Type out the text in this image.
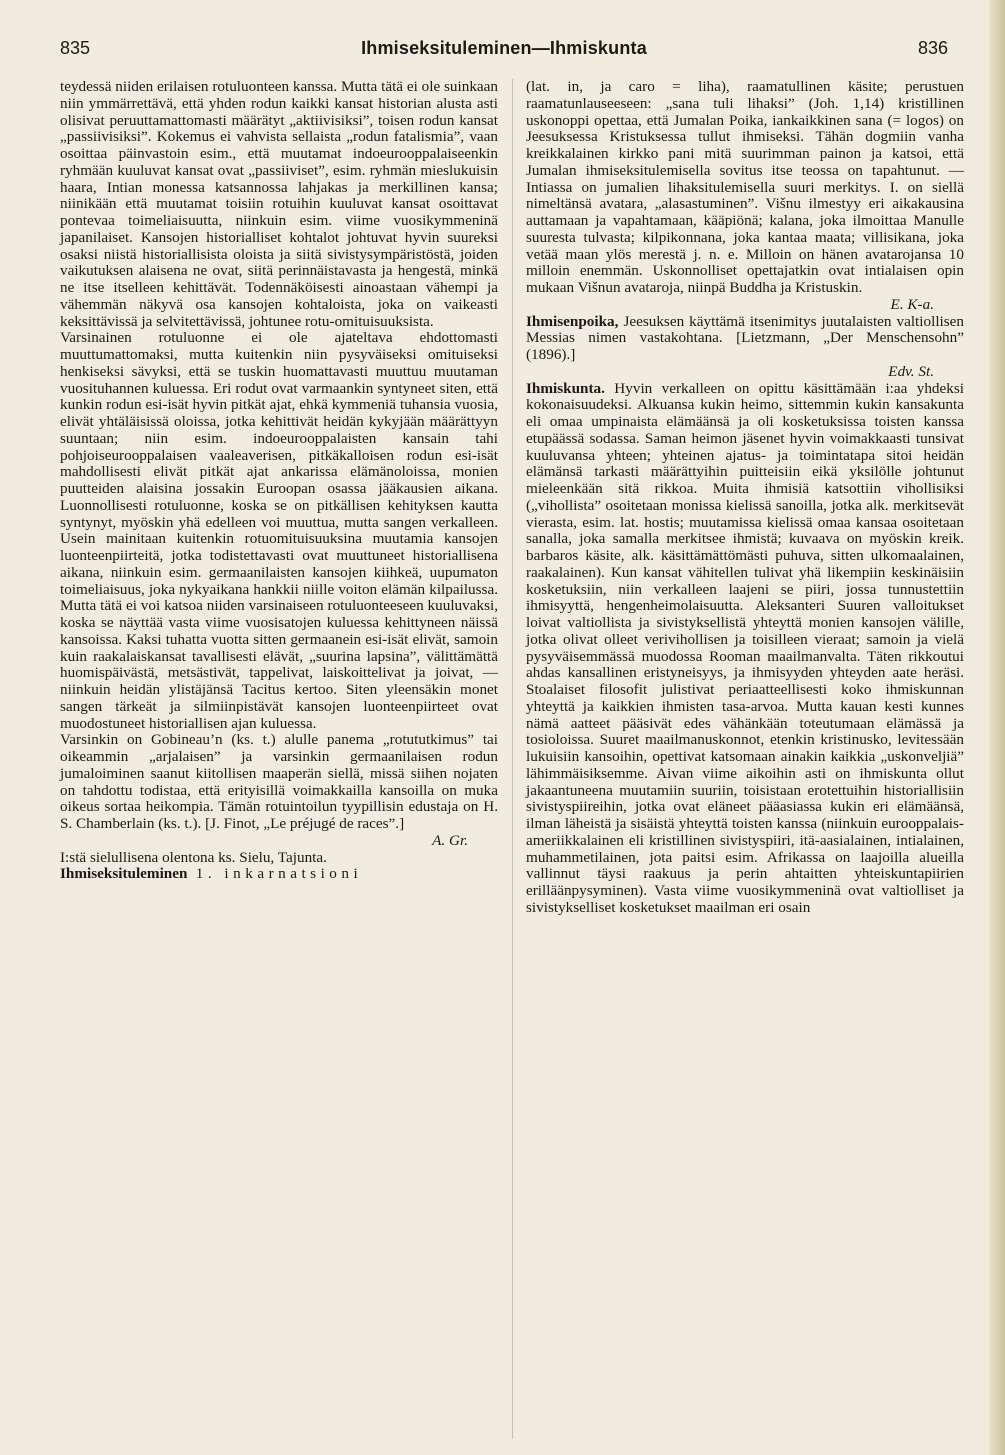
835	Ihmiseksituleminen—Ihmiskunta	836

teydessä niiden erilaisen rotuluonteen kanssa. Mutta tätä ei ole suinkaan niin ymmärrettävä, että yhden rodun kaikki kansat historian alusta asti olisivat peruuttamattomasti määrätyt „aktiivisiksi”, toisen rodun kansat „passiivisiksi”. Kokemus ei vahvista sellaista „rodun fatalismia”, vaan osoittaa päinvastoin esim., että muutamat indoeurooppalaiseenkin ryhmään kuuluvat kansat ovat „passiiviset”, esim. ryhmän mieslukuisin haara, Intian monessa katsannossa lahjakas ja merkillinen kansa; niinikään että muutamat toisiin rotuihin kuuluvat kansat osoittavat pontevaa toimeliaisuutta, niinkuin esim. viime vuosikymmeninä japanilaiset. Kansojen historialliset kohtalot johtuvat hyvin suureksi osaksi niistä historiallisista oloista ja siitä sivistysympäristöstä, joiden vaikutuksen alaisena ne ovat, siitä perinnäistavasta ja hengestä, minkä ne itse itselleen kehittävät. Todennäköisesti ainoastaan vähempi ja vähemmän näkyvä osa kansojen kohtaloista, joka on vaikeasti keksittävissä ja selvitettävissä, johtunee rotu-omituisuuksista.

Varsinainen rotuluonne ei ole ajateltava ehdottomasti muuttumattomaksi, mutta kuitenkin niin pysyväiseksi omituiseksi henkiseksi sävyksi, että se tuskin huomattavasti muuttuu muutaman vuosituhannen kuluessa. Eri rodut ovat varmaankin syntyneet siten, että kunkin rodun esi-isät hyvin pitkät ajat, ehkä kymmeniä tuhansia vuosia, elivät yhtäläisissä oloissa, jotka kehittivät heidän kykyjään määrättyyn suuntaan; niin esim. indoeurooppalaisten kansain tahi pohjoiseurooppalaisen vaaleaverisen, pitkäkalloisen rodun esi-isät mahdollisesti elivät pitkät ajat ankarissa elämänoloissa, monien puutteiden alaisina jossakin Euroopan osassa jääkausien aikana. Luonnollisesti rotuluonne, koska se on pitkällisen kehityksen kautta syntynyt, myöskin yhä edelleen voi muuttua, mutta sangen verkalleen. Usein mainitaan kuitenkin rotuomituisuuksina muutamia kansojen luonteenpiirteitä, jotka todistettavasti ovat muuttuneet historiallisena aikana, niinkuin esim. germaanilaisten kansojen kiihkeä, uupumaton toimeliaisuus, joka nykyaikana hankkii niille voiton elämän kilpailussa. Mutta tätä ei voi katsoa niiden varsinaiseen rotuluonteeseen kuuluvaksi, koska se näyttää vasta viime vuosisatojen kuluessa kehittyneen näissä kansoissa. Kaksi tuhatta vuotta sitten germaanein esi-isät elivät, samoin kuin raakalaiskansat tavallisesti elävät, „suurina lapsina”, välittämättä huomispäivästä, metsästivät, tappelivat, laiskoittelivat ja joivat, — niinkuin heidän ylistäjänsä Tacitus kertoo. Siten yleensäkin monet sangen tärkeät ja silmiinpistävät kansojen luonteenpiirteet ovat muodostuneet historiallisen ajan kuluessa.

Varsinkin on Gobineau’n (ks. t.) alulle panema „rotututkimus” tai oikeammin „arjalaisen” ja varsinkin germaanilaisen rodun jumaloiminen saanut kiitollisen maaperän siellä, missä siihen nojaten on tahdottu todistaa, että erityisillä voimakkailla kansoilla on muka oikeus sortaa heikompia. Tämän rotuintoilun tyypillisin edustaja on H. S. Chamberlain (ks. t.). [J. Finot, „Le préjugé de races”.]

A. Gr.

I:stä sielullisena olentona ks. Sielu, Tajunta.

Ihmiseksituleminen 1. inkarnatsioni

(lat. in, ja caro = liha), raamatullinen käsite; perustuen raamatunlauseeseen: „sana tuli lihaksi” (Joh. 1,14) kristillinen uskonoppi opettaa, että Jumalan Poika, iankaikkinen sana (= logos) on Jeesuksessa Kristuksessa tullut ihmiseksi. Tähän dogmiin vanha kreikkalainen kirkko pani mitä suurimman painon ja katsoi, että Jumalan ihmiseksitulemisella sovitus itse teossa on tapahtunut. — Intiassa on jumalien lihaksitulemisella suuri merkitys. I. on siellä nimeltänsä avatara, „alasastuminen”. Višnu ilmestyy eri aikakausina auttamaan ja vapahtamaan, kääpiönä; kalana, joka ilmoittaa Manulle suuresta tulvasta; kilpikonnana, joka kantaa maata; villisikana, joka vetää maan ylös merestä j. n. e. Milloin on hänen avatarojansa 10 milloin enemmän. Uskonnolliset opettajatkin ovat intialaisen opin mukaan Višnun avataroja, niinpä Buddha ja Kristuskin.

E. K-a.

Ihmisenpoika, Jeesuksen käyttämä itsenimitys juutalaisten valtiollisen Messias nimen vastakohtana. [Lietzmann, „Der Menschensohn” (1896).]

Edv. St.

Ihmiskunta. Hyvin verkalleen on opittu käsittämään i:aa yhdeksi kokonaisuudeksi. Alkuansa kukin heimo, sittemmin kukin kansakunta eli omaa umpinaista elämäänsä ja oli kosketuksissa toisten kanssa etupäässä sodassa. Saman heimon jäsenet hyvin voimakkaasti tunsivat kuuluvansa yhteen; yhteinen ajatus- ja toimintatapa sitoi heidän elämänsä tarkasti määrättyihin puitteisiin eikä yksilölle johtunut mieleenkään sitä rikkoa. Muita ihmisiä katsottiin vihollisiksi („vihollista” osoitetaan monissa kielissä sanoilla, jotka alk. merkitsevät vierasta, esim. lat. hostis; muutamissa kielissä omaa kansaa osoitetaan sanalla, joka samalla merkitsee ihmistä; kuvaava on myöskin kreik. barbaros käsite, alk. käsittämättömästi puhuva, sitten ulkomaalainen, raakalainen). Kun kansat vähitellen tulivat yhä likempiin keskinäisiin kosketuksiin, niin verkalleen laajeni se piiri, jossa tunnustettiin ihmisyyttä, hengenheimolaisuutta. Aleksanteri Suuren valloitukset loivat valtiollista ja sivistyksellistä yhteyttä monien kansojen välille, jotka olivat olleet verivihollisen ja toisilleen vieraat; samoin ja vielä pysyväisemmässä muodossa Rooman maailmanvalta. Täten rikkoutui ahdas kansallinen eristyneisyys, ja ihmisyyden yhteyden aate heräsi. Stoalaiset filosofit julistivat periaatteellisesti koko ihmiskunnan yhteyttä ja kaikkien ihmisten tasa-arvoa. Mutta kauan kesti kunnes nämä aatteet pääsivät edes vähänkään toteutumaan elämässä ja tosioloissa. Suuret maailmanuskonnot, etenkin kristinusko, levitessään lukuisiin kansoihin, opettivat katsomaan ainakin kaikkia „uskonveljiä” lähimmäisiksemme. Aivan viime aikoihin asti on ihmiskunta ollut jakaantuneena muutamiin suuriin, toisistaan erotettuihin historiallisiin sivistyspiireihin, jotka ovat eläneet pääasiassa kukin eri elämäänsä, ilman läheistä ja sisäistä yhteyttä toisten kanssa (niinkuin eurooppalais-ameriikkalainen eli kristillinen sivistyspiiri, itä-aasialainen, intialainen, muhammetilainen, jota paitsi esim. Afrikassa on laajoilla alueilla vallinnut täysi raakuus ja perin ahtaitten yhteiskuntapiirien erilläänpysyminen). Vasta viime vuosikymmeninä ovat valtiolliset ja sivistykselliset kosketukset maailman eri osain
